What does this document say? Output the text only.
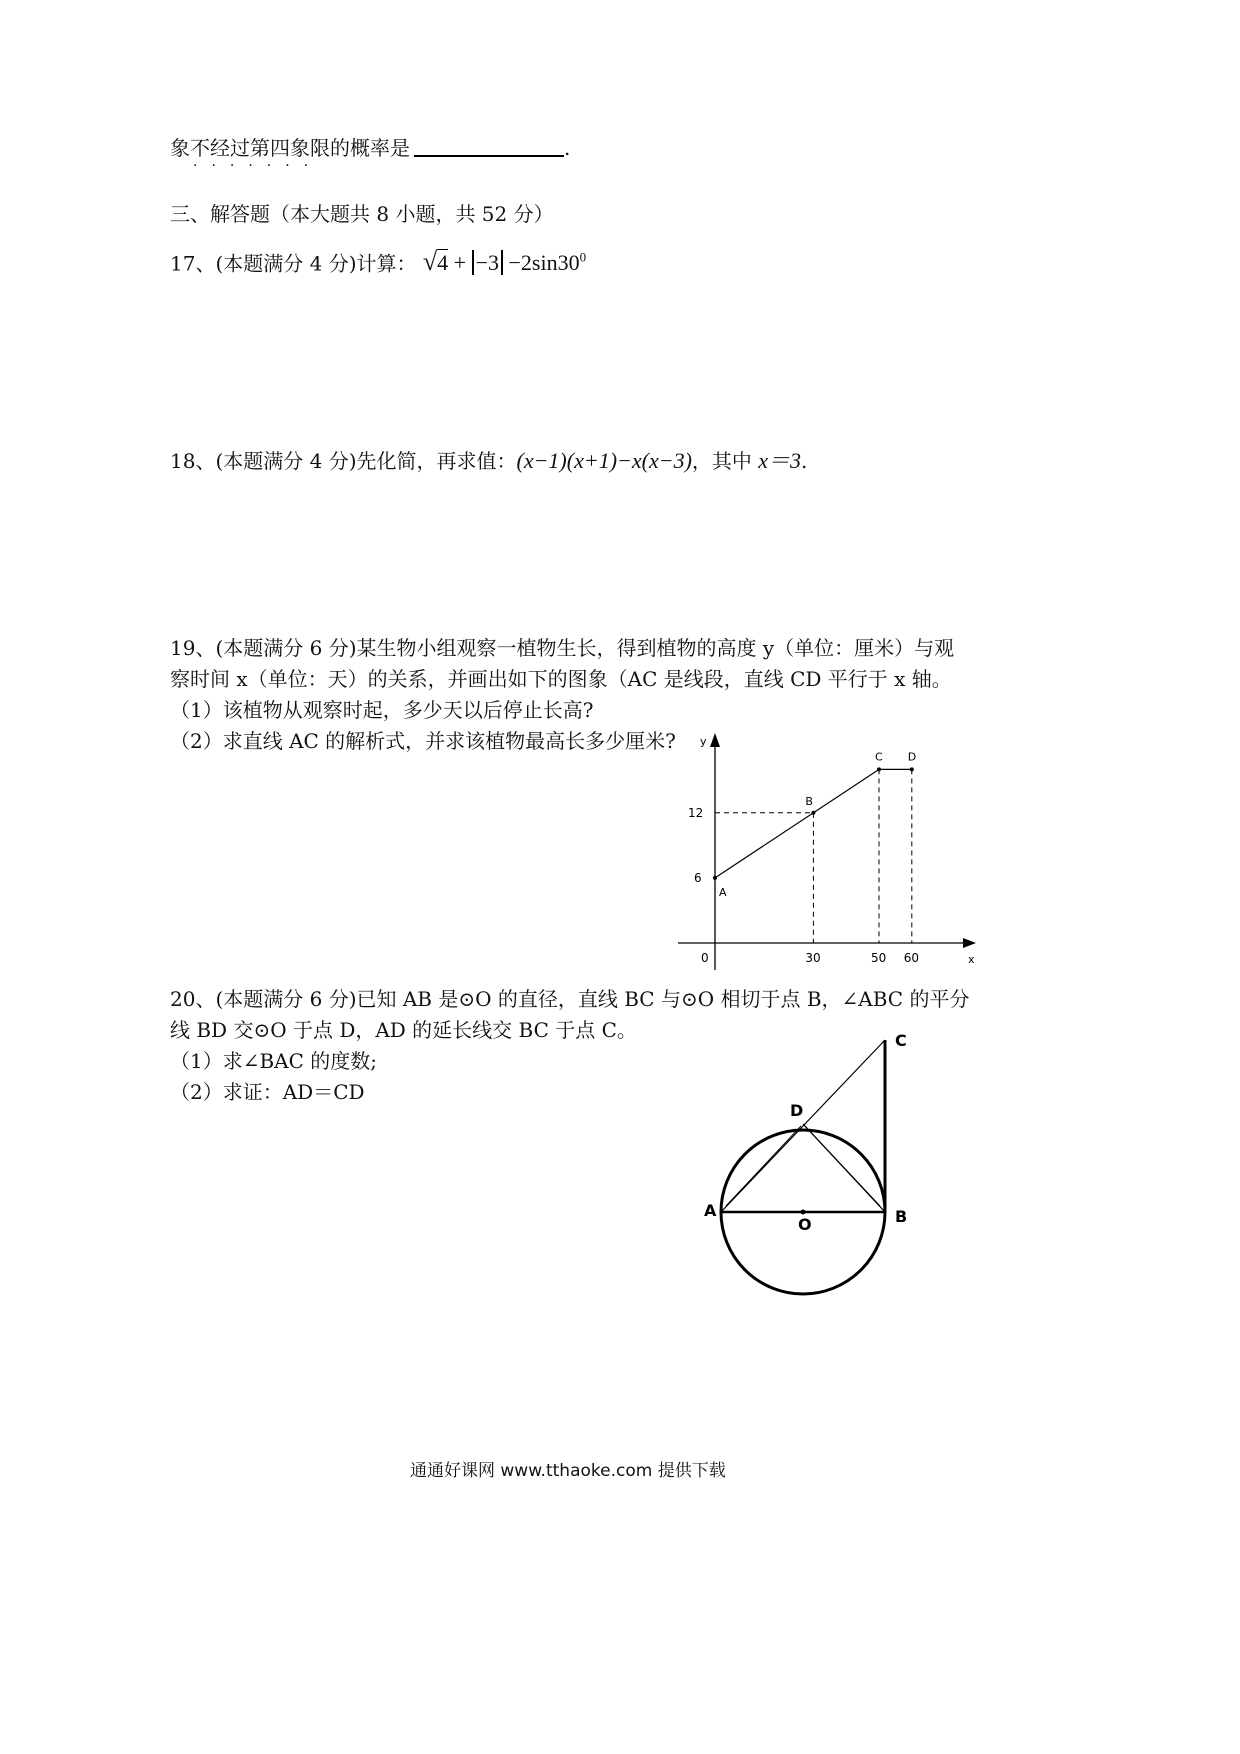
象不经过第四象限的概率是	.
·······
三、解答题（本大题共 8 小题，共 52 分）
17、(本题满分 4 分)计算： $√4 + -3 -2\sin 30^0$
18、(本题满分 4 分)先化简，再求值：(x−1)(x+1)−x(x−3)，其中 x＝3.
19、(本题满分 6 分)某生物小组观察一植物生长，得到植物的高度 y（单位：厘米）与观
察时间 x（单位：天）的关系，并画出如下的图象（AC 是线段，直线 CD 平行于 x 轴。
（1）该植物从观察时起，多少天以后停止长高?
（2）求直线 AC 的解析式，并求该植物最高长多少厘米?
x
y
0	30	50 60
6
12
A
B
C D
20、(本题满分 6 分)已知 AB 是⊙O 的直径，直线 BC 与⊙O 相切于点 B，∠ABC 的平分
线 BD 交⊙O 于点 D，AD 的延长线交 BC 于点 C。
（1）求∠BAC 的度数;
（2）求证：AD＝CD
A	B
C
D
O
通通好课网 www.tthaoke.com 提供下载
